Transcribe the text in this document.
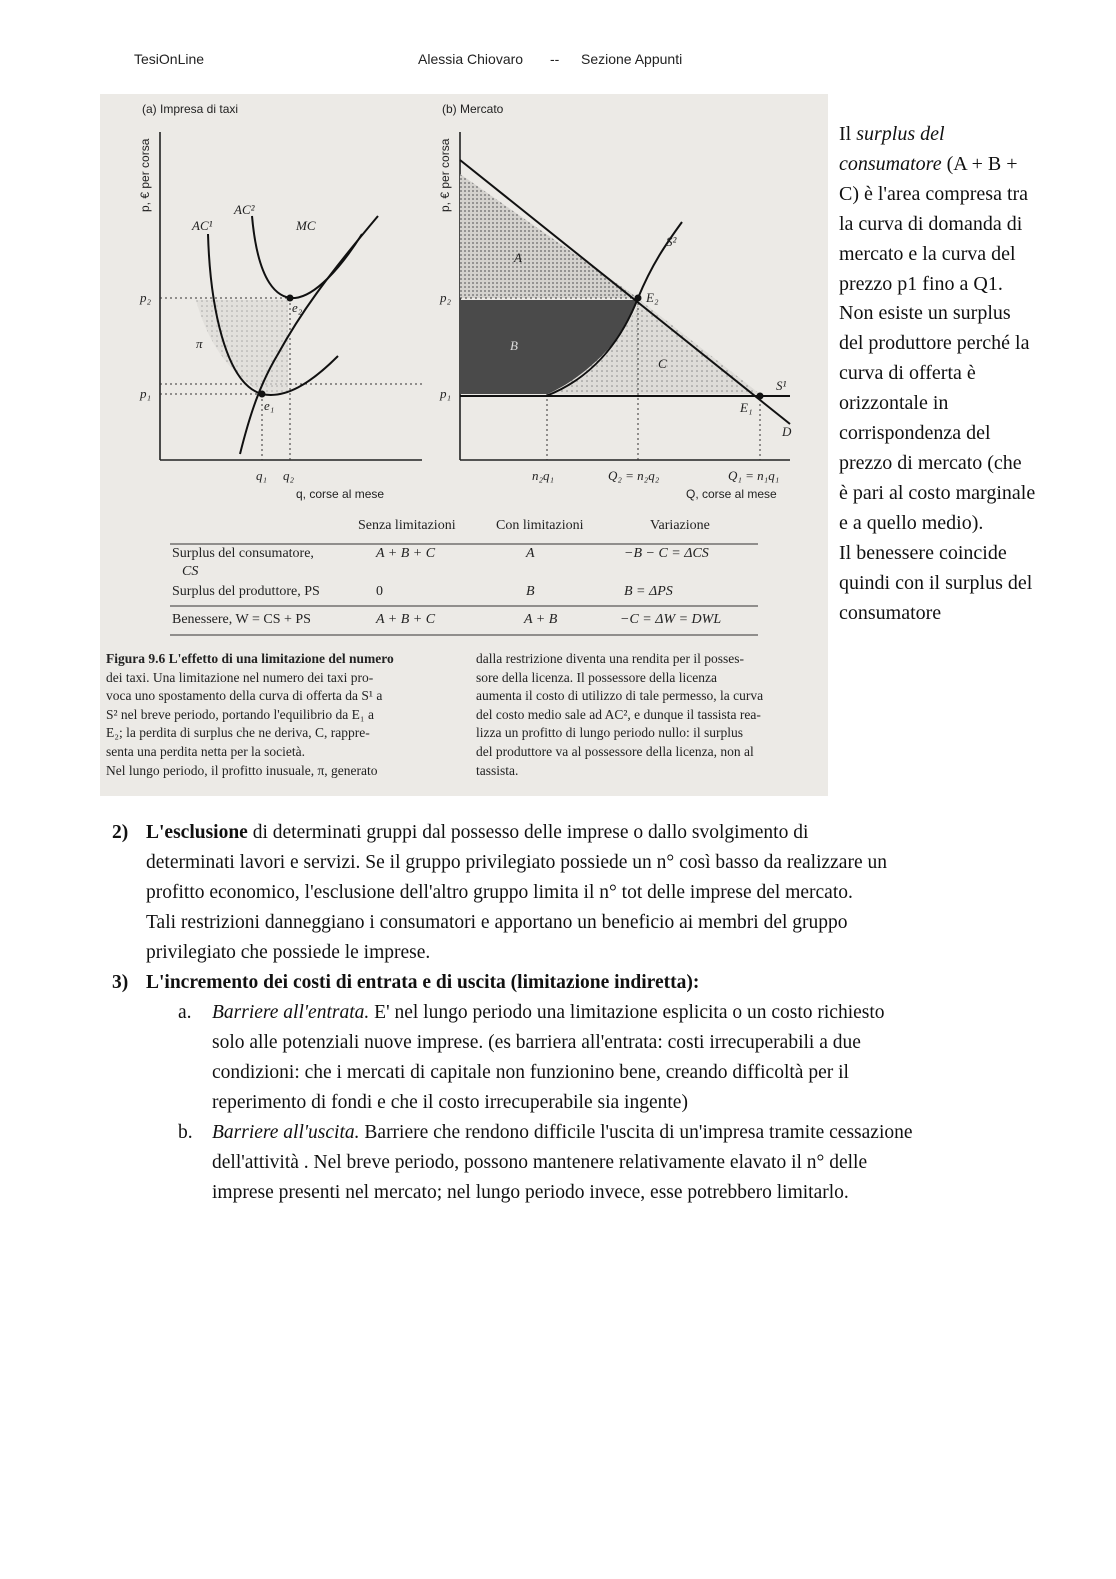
TesiOnLine	Alessia Chiovaro -- Sezione Appunti
(a) Impresa di taxi
p, € per corsa
AC¹
AC²
MC
p₂
p₁
e₂
e₁
π
q₁ q₂
q, corse al mese
(b) Mercato
p, € per corsa
p₂
p₁
S²
S¹
D
E₂
E₁
A
B
C
n₂q₁	Q₂ = n₂q₂	Q₁ = n₁q₁
Q, corse al mese
Senza limitazioni	Con limitazioni	Variazione
Surplus del consumatore,
CS
A + B + C	A	−B − C = ΔCS
Surplus del produttore, PS	0	B	B = ΔPS
Benessere, W = CS + PS	A + B + C	A + B	−C = ΔW = DWL
Figura 9.6 L'effetto di una limitazione del numero
dei taxi. Una limitazione nel numero dei taxi pro-
voca uno spostamento della curva di offerta da S¹ a
S² nel breve periodo, portando l'equilibrio da E₁ a
E₂; la perdita di surplus che ne deriva, C, rappre-
senta una perdita netta per la società.
Nel lungo periodo, il profitto inusuale, π, generato
dalla restrizione diventa una rendita per il posses-
sore della licenza. Il possessore della licenza
aumenta il costo di utilizzo di tale permesso, la curva
del costo medio sale ad AC², e dunque il tassista rea-
lizza un profitto di lungo periodo nullo: il surplus
del produttore va al possessore della licenza, non al
tassista.
Il surplus del
consumatore (A + B +
C) è l'area compresa tra
la curva di domanda di
mercato e la curva del
prezzo p1 fino a Q1.
Non esiste un surplus
del produttore perché la
curva di offerta è
orizzontale in
corrispondenza del
prezzo di mercato (che
è pari al costo marginale
e a quello medio).
Il benessere coincide
quindi con il surplus del
consumatore
2) L'esclusione di determinati gruppi dal possesso delle imprese o dallo svolgimento di
determinati lavori e servizi. Se il gruppo privilegiato possiede un n° così basso da realizzare un
profitto economico, l'esclusione dell'altro gruppo limita il n° tot delle imprese del mercato.
Tali restrizioni danneggiano i consumatori e apportano un beneficio ai membri del gruppo
privilegiato che possiede le imprese.
3) L'incremento dei costi di entrata e di uscita (limitazione indiretta):
a. Barriere all'entrata. E' nel lungo periodo una limitazione esplicita o un costo richiesto
solo alle potenziali nuove imprese. (es barriera all'entrata: costi irrecuperabili a due
condizioni: che i mercati di capitale non funzionino bene, creando difficoltà per il
reperimento di fondi e che il costo irrecuperabile sia ingente)
b. Barriere all'uscita. Barriere che rendono difficile l'uscita di un'impresa tramite cessazione
dell'attività . Nel breve periodo, possono mantenere relativamente elavato il n° delle
imprese presenti nel mercato; nel lungo periodo invece, esse potrebbero limitarlo.
